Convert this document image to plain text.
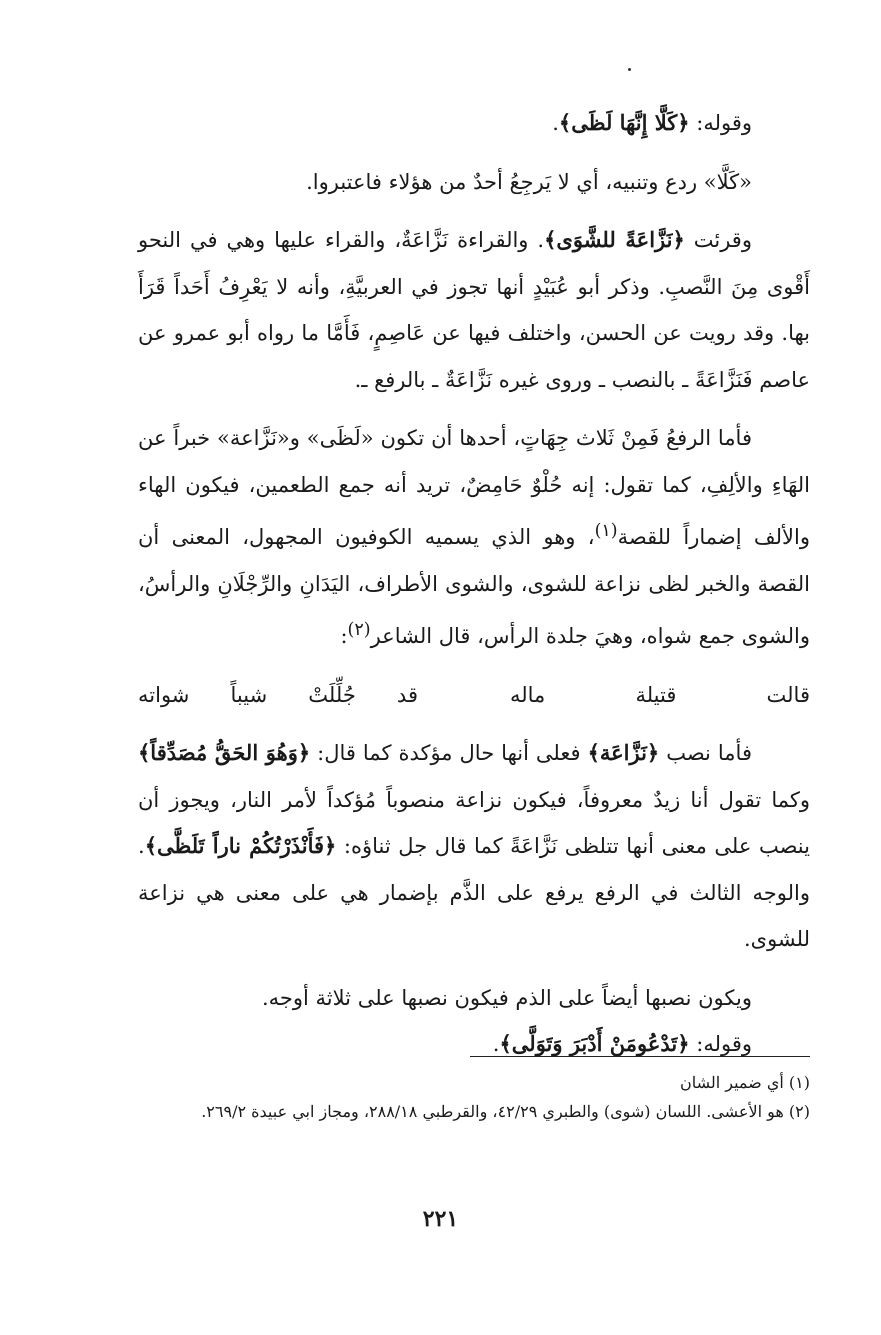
وقوله: ﴿كَلَّا إِنَّهَا لَظَى﴾.

«كَلَّا» ردع وتنبيه، أي لا يَرجِعُ أحدٌ من هؤلاء فاعتبروا.

وقرئت ﴿نَزَّاعَةً للشَّوَى﴾. والقراءة نَزَّاعَةٌ، والقراء عليها وهي في النحو أَقْوى مِنَ النَّصبِ. وذكر أبو عُبَيْدٍ أنها تجوز في العربيَّةِ، وأنه لا يَعْرِفُ أَحَداً قَرَأَ بها. وقد رويت عن الحسن، واختلف فيها عن عَاصِمٍ، فَأَمَّا ما رواه أبو عمرو عن عاصم فَنَزَّاعَةً ـ بالنصب ـ وروى غيره نَزَّاعَةٌ ـ بالرفع ـ.

فأما الرفعُ فَمِنْ ثَلاث جِهَاتٍ، أحدها أن تكون «لَظَى» و«نَزَّاعة» خبراً عن الهَاءِ والألِفِ، كما تقول: إنه حُلْوٌ حَامِضٌ، تريد أنه جمع الطعمين، فيكون الهاء والألف إضماراً للقصة$^{(١)}$، وهو الذي يسميه الكوفيون المجهول، المعنى أن القصة والخبر لظى نزاعة للشوى، والشوى الأطراف، اليَدَانِ والرِّجْلَانِ والرأسُ، والشوى جمع شواه، وهيَ جلدة الرأس، قال الشاعر$^{(٢)}$:

قالت قتيلة ماله
قد جُلِّلَتْ شيباً شواته

فأما نصب ﴿نَزَّاعَة﴾ فعلى أنها حال مؤكدة كما قال: ﴿وَهُوَ الحَقُّ مُصَدِّقاً﴾ وكما تقول أنا زيدٌ معروفاً، فيكون نزاعة منصوباً مُؤكداً لأمر النار، ويجوز أن ينصب على معنى أنها تتلظى نَزَّاعَةً كما قال جل ثناؤه: ﴿فَأَنْذَرْتُكُمْ ناراً تَلَظَّى﴾. والوجه الثالث في الرفع يرفع على الذَّم بإضمار هي على معنى هي نزاعة للشوى.

ويكون نصبها أيضاً على الذم فيكون نصبها على ثلاثة أوجه.

وقوله: ﴿تَدْعُومَنْ أَدْبَرَ وَتَوَلَّى﴾.

(١) أي ضمير الشان

(٢) هو الأعشى. اللسان (شوى) والطبري ٤٢/٢٩، والقرطبي ٢٨٨/١٨، ومجاز ابي عبيدة ٢٦٩/٢.

٢٢١
